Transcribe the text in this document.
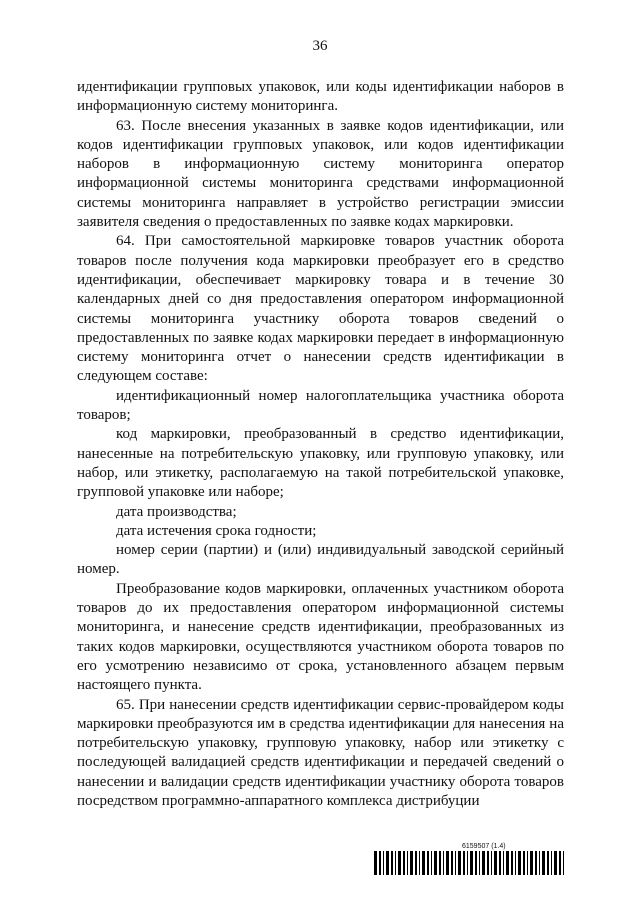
36

идентификации групповых упаковок, или коды идентификации наборов в информационную систему мониторинга.

63. После внесения указанных в заявке кодов идентификации, или кодов идентификации групповых упаковок, или кодов идентификации наборов в информационную систему мониторинга оператор информационной системы мониторинга средствами информационной системы мониторинга направляет в устройство регистрации эмиссии заявителя сведения о предоставленных по заявке кодах маркировки.

64. При самостоятельной маркировке товаров участник оборота товаров после получения кода маркировки преобразует его в средство идентификации, обеспечивает маркировку товара и в течение 30 календарных дней со дня предоставления оператором информационной системы мониторинга участнику оборота товаров сведений о предоставленных по заявке кодах маркировки передает в информационную систему мониторинга отчет о нанесении средств идентификации в следующем составе:

идентификационный номер налогоплательщика участника оборота товаров;

код маркировки, преобразованный в средство идентификации, нанесенные на потребительскую упаковку, или групповую упаковку, или набор, или этикетку, располагаемую на такой потребительской упаковке, групповой упаковке или наборе;

дата производства;

дата истечения срока годности;

номер серии (партии) и (или) индивидуальный заводской серийный номер.

Преобразование кодов маркировки, оплаченных участником оборота товаров до их предоставления оператором информационной системы мониторинга, и нанесение средств идентификации, преобразованных из таких кодов маркировки, осуществляются участником оборота товаров по его усмотрению независимо от срока, установленного абзацем первым настоящего пункта.

65. При нанесении средств идентификации сервис-провайдером коды маркировки преобразуются им в средства идентификации для нанесения на потребительскую упаковку, групповую упаковку, набор или этикетку с последующей валидацией средств идентификации и передачей сведений о нанесении и валидации средств идентификации участнику оборота товаров посредством программно-аппаратного комплекса дистрибуции

6159507 (1.4)
